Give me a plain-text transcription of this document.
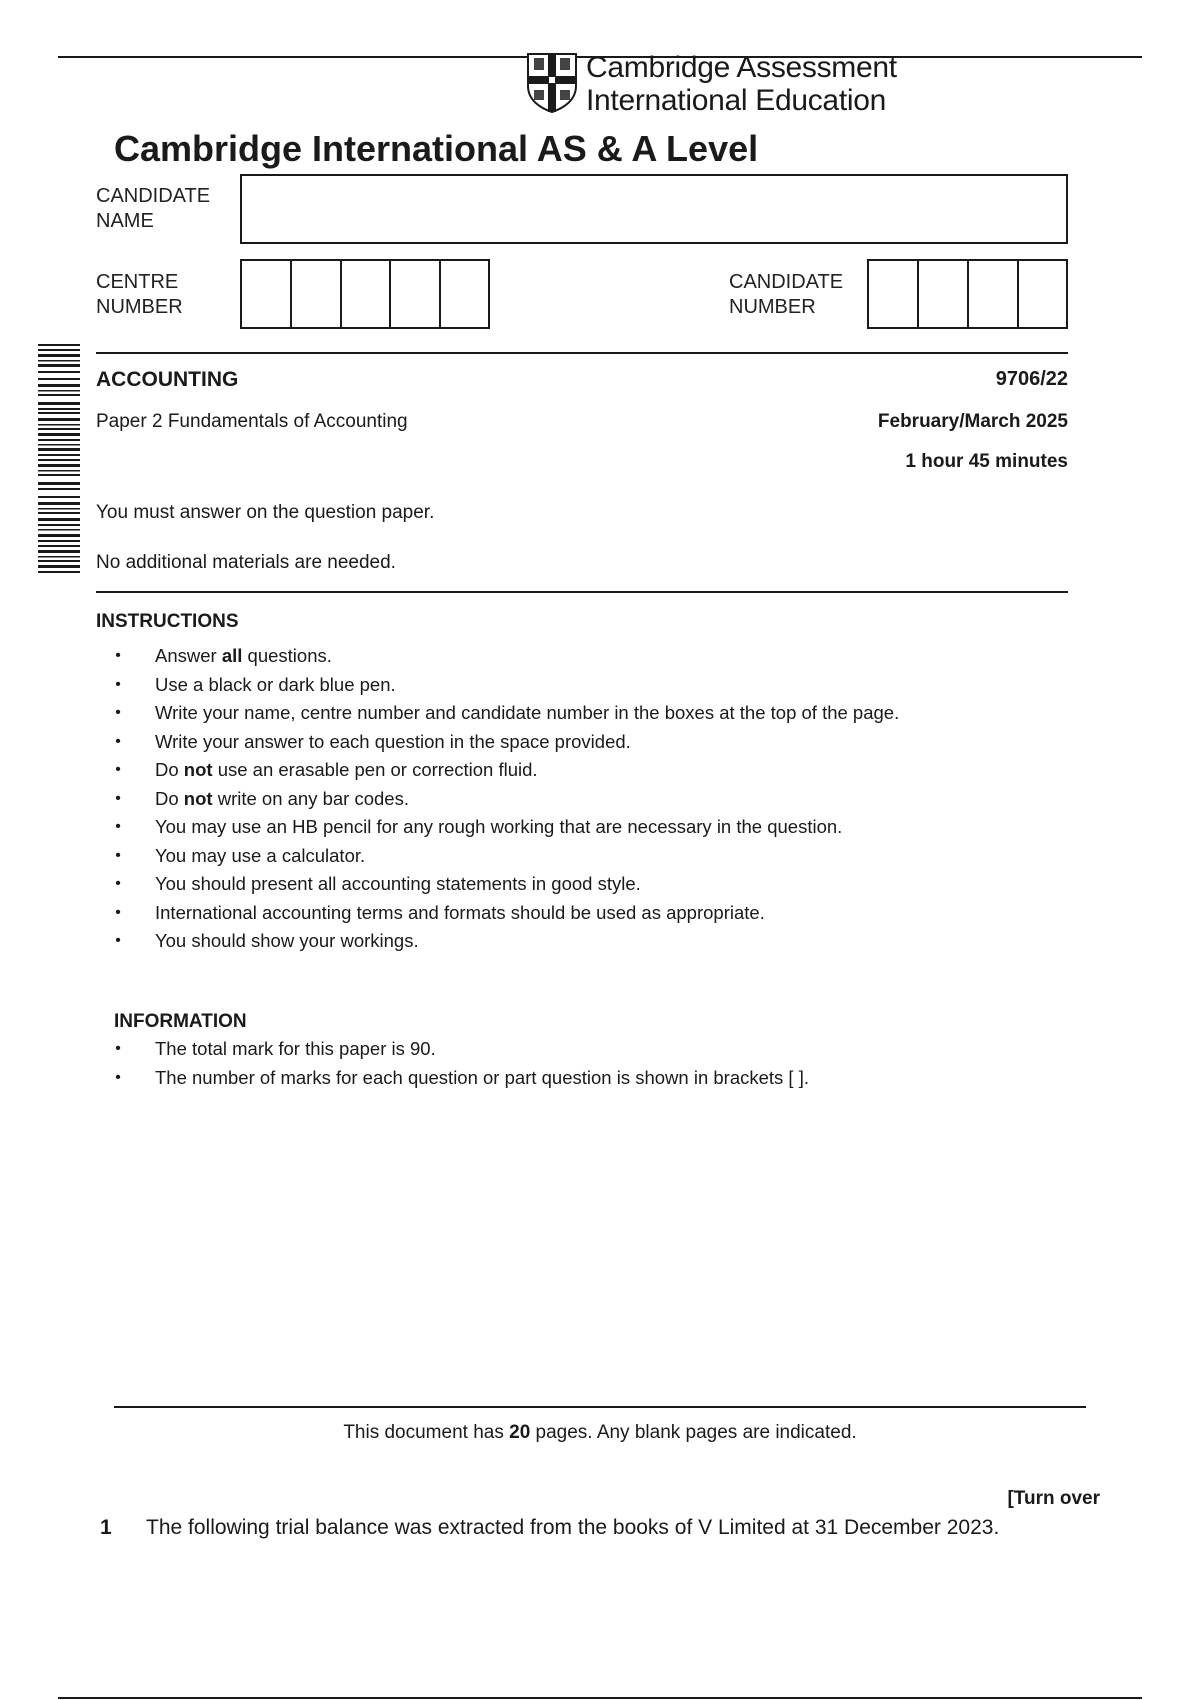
Cambridge Assessment
International Education
Cambridge International AS & A Level
CANDIDATE
NAME
CENTRE
NUMBER
CANDIDATE
NUMBER
ACCOUNTING	9706/22
Paper 2 Fundamentals of Accounting	February/March 2025
1 hour 45 minutes
You must answer on the question paper.
No additional materials are needed.
INSTRUCTIONS
• Answer all questions.
• Use a black or dark blue pen.
• Write your name, centre number and candidate number in the boxes at the top of the page.
• Write your answer to each question in the space provided.
• Do not use an erasable pen or correction fluid.
• Do not write on any bar codes.
• You may use an HB pencil for any rough working that are necessary in the question.
• You may use a calculator.
• You should present all accounting statements in good style.
• International accounting terms and formats should be used as appropriate.
• You should show your workings.
INFORMATION
• The total mark for this paper is 90.
• The number of marks for each question or part question is shown in brackets [ ].
This document has 20 pages. Any blank pages are indicated.
[Turn over
1 The following trial balance was extracted from the books of V Limited at 31 December 2023.
